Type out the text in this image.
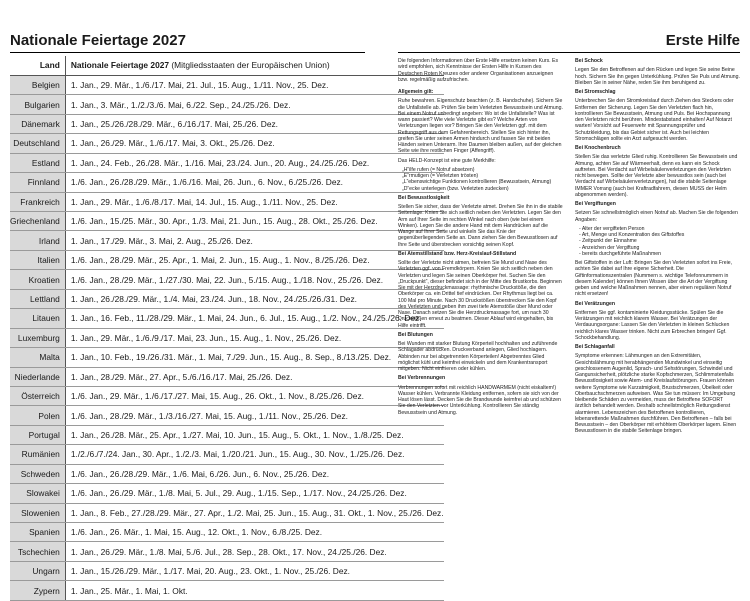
Nationale Feiertage 2027	Erste Hilfe
Land	Nationale Feiertage 2027 (Mitgliedsstaaten der Europäischen Union)
Belgien	1. Jan., 29. Mär., 1./6./17. Mai, 21. Jul., 15. Aug., 1./11. Nov., 25. Dez.
Bulgarien	1. Jan., 3. Mär., 1./2./3./6. Mai, 6./22. Sep., 24./25./26. Dez.
Dänemark	1. Jan., 25./26./28./29. Mär., 6./16./17. Mai, 25./26. Dez.
Deutschland	1. Jan., 26./29. Mär., 1./6./17. Mai, 3. Okt., 25./26. Dez.
Estland	1. Jan., 24. Feb., 26./28. Mär., 1./16. Mai, 23./24. Jun., 20. Aug., 24./25./26. Dez.
Finnland	1./6. Jan., 26./28./29. Mär., 1./6./16. Mai, 26. Jun., 6. Nov., 6./25./26. Dez.
Frankreich	1. Jan., 29. Mär., 1./6./8./17. Mai, 14. Jul., 15. Aug., 1./11. Nov., 25. Dez.
Griechenland	1./6. Jan., 15./25. Mär., 30. Apr., 1./3. Mai, 21. Jun., 15. Aug., 28. Okt., 25./26. Dez.
Irland	1. Jan., 17./29. Mär., 3. Mai, 2. Aug., 25./26. Dez.
Italien	1./6. Jan., 28./29. Mär., 25. Apr., 1. Mai, 2. Jun., 15. Aug., 1. Nov., 8./25./26. Dez.
Kroatien	1./6. Jan., 28./29. Mär., 1./27./30. Mai, 22. Jun., 5./15. Aug., 1./18. Nov., 25./26. Dez.
Lettland	1. Jan., 26./28./29. Mär., 1./4. Mai, 23./24. Jun., 18. Nov., 24./25./26./31. Dez.
Litauen	1. Jan., 16. Feb., 11./28./29. Mär., 1. Mai, 24. Jun., 6. Jul., 15. Aug., 1./2. Nov., 24./25./26. Dez.
Luxemburg	1. Jan., 29. Mär., 1./6./9./17. Mai, 23. Jun., 15. Aug., 1. Nov., 25./26. Dez.
Malta	1. Jan., 10. Feb., 19./26./31. Mär., 1. Mai, 7./29. Jun., 15. Aug., 8. Sep., 8./13./25. Dez.
Niederlande	1. Jan., 28./29. Mär., 27. Apr., 5./6./16./17. Mai, 25./26. Dez.
Österreich	1./6. Jan., 29. Mär., 1./6./17./27. Mai, 15. Aug., 26. Okt., 1. Nov., 8./25./26. Dez.
Polen	1./6. Jan., 28./29. Mär., 1./3./16./27. Mai, 15. Aug., 1./11. Nov., 25./26. Dez.
Portugal	1. Jan., 26./28. Mär., 25. Apr., 1./27. Mai, 10. Jun., 15. Aug., 5. Okt., 1. Nov., 1./8./25. Dez.
Rumänien	1./2./6./7./24. Jan., 30. Apr., 1./2./3. Mai, 1./20./21. Jun., 15. Aug., 30. Nov., 1./25./26. Dez.
Schweden	1./6. Jan., 26./28./29. Mär., 1./6. Mai, 6./26. Jun., 6. Nov., 25./26. Dez.
Slowakei	1./6. Jan., 26./29. Mär., 1./8. Mai, 5. Jul., 29. Aug., 1./15. Sep., 1./17. Nov., 24./25./26. Dez.
Slowenien	1. Jan., 8. Feb., 27./28./29. Mär., 27. Apr., 1./2. Mai, 25. Jun., 15. Aug., 31. Okt., 1. Nov., 25./26. Dez.
Spanien	1./6. Jan., 26. Mär., 1. Mai, 15. Aug., 12. Okt., 1. Nov., 6./8./25. Dez.
Tschechien	1. Jan., 26./29. Mär., 1./8. Mai, 5./6. Jul., 28. Sep., 28. Okt., 17. Nov., 24./25./26. Dez.
Ungarn	1. Jan., 15./26./29. Mär., 1./17. Mai, 20. Aug., 23. Okt., 1. Nov., 25./26. Dez.
Zypern	1. Jan., 25. Mär., 1. Mai, 1. Okt.

Die folgenden Informationen über Erste Hilfe ersetzen keinen Kurs. Es wird empfohlen, sich Kenntnisse der Ersten Hilfe in Kursen des Deutschen Roten Kreuzes oder anderer Organisationen anzueignen bzw. regelmäßig aufzufrischen.

Allgemein gilt:

Ruhe bewahren. Eigenschutz beachten (z. B. Handschuhe). Sichern Sie die Unfallstelle ab. Prüfen Sie beim Verletzten Bewusstsein und Atmung. Bei einem Notruf unbedingt angeben: Wo ist die Unfallstelle? Was ist wann passiert? Wie viele Verletzte gibt es? Welche Arten von Verletzungen liegen vor? Bringen Sie den Verletzten ggf. mit dem Rettungsgriff aus dem Gefahrenbereich. Stellen Sie sich hinter ihn, greifen Sie unter seinen Armen hindurch und fassen Sie mit beiden Händen seinen Unterarm. Ihre Daumen bleiben außen, auf der gleichen Seite wie ihre restlichen Finger (Affengriff).

Das HELD-Konzept ist eine gute Merkhilfe:

„H“ilfe rufen (= Notruf absetzen)
„E“rmutigen (= Verletzten trösten)
„L“ebenswichtige Funktionen kontrollieren (Bewusstsein, Atmung)
„D“ecke unterlegen (bzw. Verletzten zudecken)

Bei Bewusstlosigkeit

Stellen Sie sicher, dass der Verletzte atmet. Drehen Sie ihn in die stabile Seitenlage: Knien Sie sich seitlich neben den Verletzten. Legen Sie den Arm auf Ihrer Seite im rechten Winkel nach oben (wie bei einem Winken). Legen Sie die andere Hand mit dem Handrücken auf die Wange auf Ihrer Seite und winkeln Sie das Knie der gegenüberliegenden Seite an. Dann ziehen Sie den Bewusstlosen auf Ihre Seite und überstrecken vorsichtig seinen Kopf.

Bei Atemstillstand bzw. Herz-Kreislauf-Stillstand

Sollte der Verletzte nicht atmen, befreien Sie Mund und Nase des Verletzten ggf. von Fremdkörpern. Knien Sie sich seitlich neben den Verletzten und legen Sie seinen Oberkörper frei. Suchen Sie den „Druckpunkt“, dieser befindet sich in der Mitte des Brustkorbs. Beginnen Sie mit der Herzdruckmassage: rhythmische Druckstöße, die den Oberkörper ca. ein Drittel tief eindrücken. Der Rhythmus liegt bei ca. 100 Mal pro Minute. Nach 30 Druckstößen überstrecken Sie den Kopf des Verletzten und geben ihm zwei tiefe Atemstöße über Mund oder Nase. Danach setzen Sie die Herzdruckmassage fort, um nach 30 Druckstößen erneut zu beatmen. Dieser Ablauf wird eingehalten, bis Hilfe eintrifft.

Bei Blutungen

Bei Wunden mit starker Blutung Körperteil hochhalten und zuführende Schlagader abdrücken. Druckverband anlegen, Glied hochlagern. Abbinden nur bei abgetrennten Körperteilen! Abgetrenntes Glied möglichst kühl und keimfrei einwickeln und dem Krankentransport mitgeben. Nicht einfrieren oder kühlen.

Bei Verbrennungen

Verbrennungen sofort mit reichlich HANDWARMEM (nicht eiskaltem!) Wasser kühlen. Verbrannte Kleidung entfernen, sofern sie sich von der Haut lösen lässt. Decken Sie die Brandwunde keimfrei ab und schützen Sie den Verletzten vor Unterkühlung. Kontrollieren Sie ständig Bewusstsein und Atmung.

Bei Schock

Legen Sie den Betroffenen auf den Rücken und legen Sie seine Beine hoch. Sichern Sie ihn gegen Unterkühlung. Prüfen Sie Puls und Atmung. Bleiben Sie in seiner Nähe, reden Sie ihm beruhigend zu.

Bei Stromschlag

Unterbrechen Sie den Stromkreislauf durch Ziehen des Steckers oder Entfernen der Sicherung. Legen Sie den Verletzten flach hin, kontrollieren Sie Bewusstsein, Atmung und Puls. Bei Hochspannung den Verletzten nicht berühren. Mindestabstand einhalten! Auf Notarzt warten! Vorsicht auf Feuerwehr mit Spannungsprüfer und Schutzkleidung, bis das Gebiet sicher ist. Auch bei leichten Stromschlägen sollte ein Arzt aufgesucht werden.

Bei Knochenbruch

Stellen Sie das verletzte Glied ruhig. Kontrollieren Sie Bewusstsein und Atmung, achten Sie auf Wärmeerhalt, denn es kann ein Schock auftreten. Bei Verdacht auf Wirbelsäulenverletzungen den Verletzten nicht bewegen. Sollte der Verletzte aber bewusstlos sein (auch bei Verdacht auf Wirbelsäulenverletzungen), hat die stabile Seitenlage IMMER Vorrang (auch bei Kraftradfahrern, diesen MUSS der Helm abgenommen werden).

Bei Vergiftungen

Setzen Sie schnellstmöglich einen Notruf ab. Machen Sie die folgenden Angaben:

- Alter der vergifteten Person
- Art, Menge und Konzentration des Giftstoffes
- Zeitpunkt der Einnahme
- Anzeichen der Vergiftung
- bereits durchgeführte Maßnahmen

Bei Giftstoffen in der Luft: Bringen Sie den Verletzten sofort ins Freie, achten Sie dabei auf Ihre eigene Sicherheit. Die Giftinformationszentralen (Nummern s. wichtige Telefonnummern in diesem Kalender) können Ihnen Wissen über die Art der Vergiftung geben und welche Maßnahmen nennen, aber einen regulären Notruf nicht ersetzen!

Bei Verätzungen

Entfernen Sie ggf. kontaminierte Kleidungsstücke. Spülen Sie die Verätzungen mit reichlich klarem Wasser. Bei Verätzungen der Verdauungsorgane: Lassen Sie den Verletzten in kleinen Schlucken reichlich klares Wasser trinken. Nicht zum Erbrechen bringen! Ggf. Schockbehandlung.

Bei Schlaganfall

Symptome erkennen: Lähmungen an den Extremitäten, Gesichtslähmung mit herabhängenden Mundwinkel und einseitig geschlossenem Augenlid, Sprach- und Sehstörungen, Schwindel und Gangunsicherheit, plötzliche starke Kopfschmerzen, Schlimmstenfalls Bewusstlosigkeit sowie Atem- und Kreislaufstörungen. Frauen können weitere Symptome wie Kurzatmigkeit, Brustschmerzen, Übelkeit oder Oberbauchschmerzen aufweisen. Was Sie tun müssen: Im Umgebung bleibende Schäden zu vermeiden, muss der Betroffene SOFORT ärztlich behandelt werden. Deshalb schnellstmöglich Rettungsdienst alarmieren. Lebenszeichen des Betroffenen kontrollieren, lebensrettende Maßnahmen durchführen. Den Betroffenen – falls bei Bewusstsein – den Oberkörper mit erhöhtem Oberkörper lagern. Einen Bewusstlosen in die stabile Seitenlage bringen.
